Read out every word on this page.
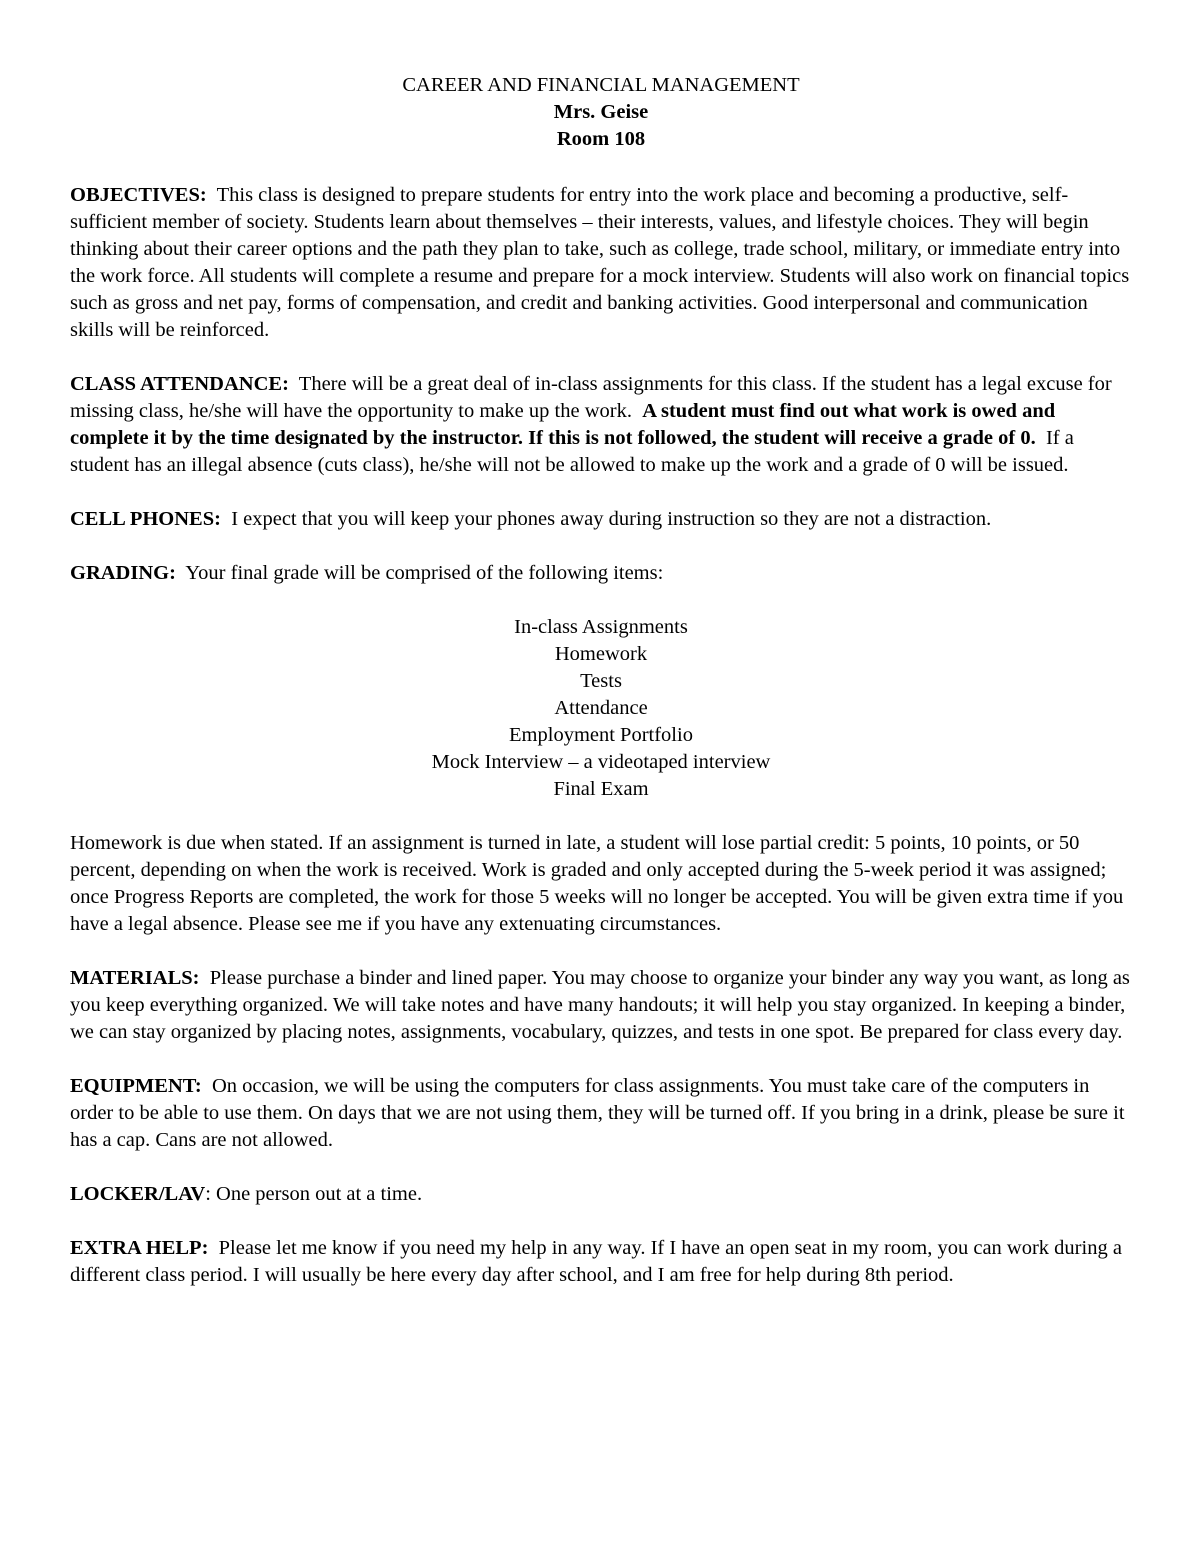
CAREER AND FINANCIAL MANAGEMENT
Mrs. Geise
Room 108

OBJECTIVES: This class is designed to prepare students for entry into the work place and becoming a productive, self-sufficient member of society. Students learn about themselves – their interests, values, and lifestyle choices. They will begin thinking about their career options and the path they plan to take, such as college, trade school, military, or immediate entry into the work force. All students will complete a resume and prepare for a mock interview. Students will also work on financial topics such as gross and net pay, forms of compensation, and credit and banking activities. Good interpersonal and communication skills will be reinforced.

CLASS ATTENDANCE: There will be a great deal of in-class assignments for this class. If the student has a legal excuse for missing class, he/she will have the opportunity to make up the work. A student must find out what work is owed and complete it by the time designated by the instructor. If this is not followed, the student will receive a grade of 0. If a student has an illegal absence (cuts class), he/she will not be allowed to make up the work and a grade of 0 will be issued.

CELL PHONES: I expect that you will keep your phones away during instruction so they are not a distraction.

GRADING: Your final grade will be comprised of the following items:

In-class Assignments
Homework
Tests
Attendance
Employment Portfolio
Mock Interview – a videotaped interview
Final Exam

Homework is due when stated. If an assignment is turned in late, a student will lose partial credit: 5 points, 10 points, or 50 percent, depending on when the work is received. Work is graded and only accepted during the 5-week period it was assigned; once Progress Reports are completed, the work for those 5 weeks will no longer be accepted. You will be given extra time if you have a legal absence. Please see me if you have any extenuating circumstances.

MATERIALS: Please purchase a binder and lined paper. You may choose to organize your binder any way you want, as long as you keep everything organized. We will take notes and have many handouts; it will help you stay organized. In keeping a binder, we can stay organized by placing notes, assignments, vocabulary, quizzes, and tests in one spot. Be prepared for class every day.

EQUIPMENT: On occasion, we will be using the computers for class assignments. You must take care of the computers in order to be able to use them. On days that we are not using them, they will be turned off. If you bring in a drink, please be sure it has a cap. Cans are not allowed.

LOCKER/LAV: One person out at a time.

EXTRA HELP: Please let me know if you need my help in any way. If I have an open seat in my room, you can work during a different class period. I will usually be here every day after school, and I am free for help during 8th period.
